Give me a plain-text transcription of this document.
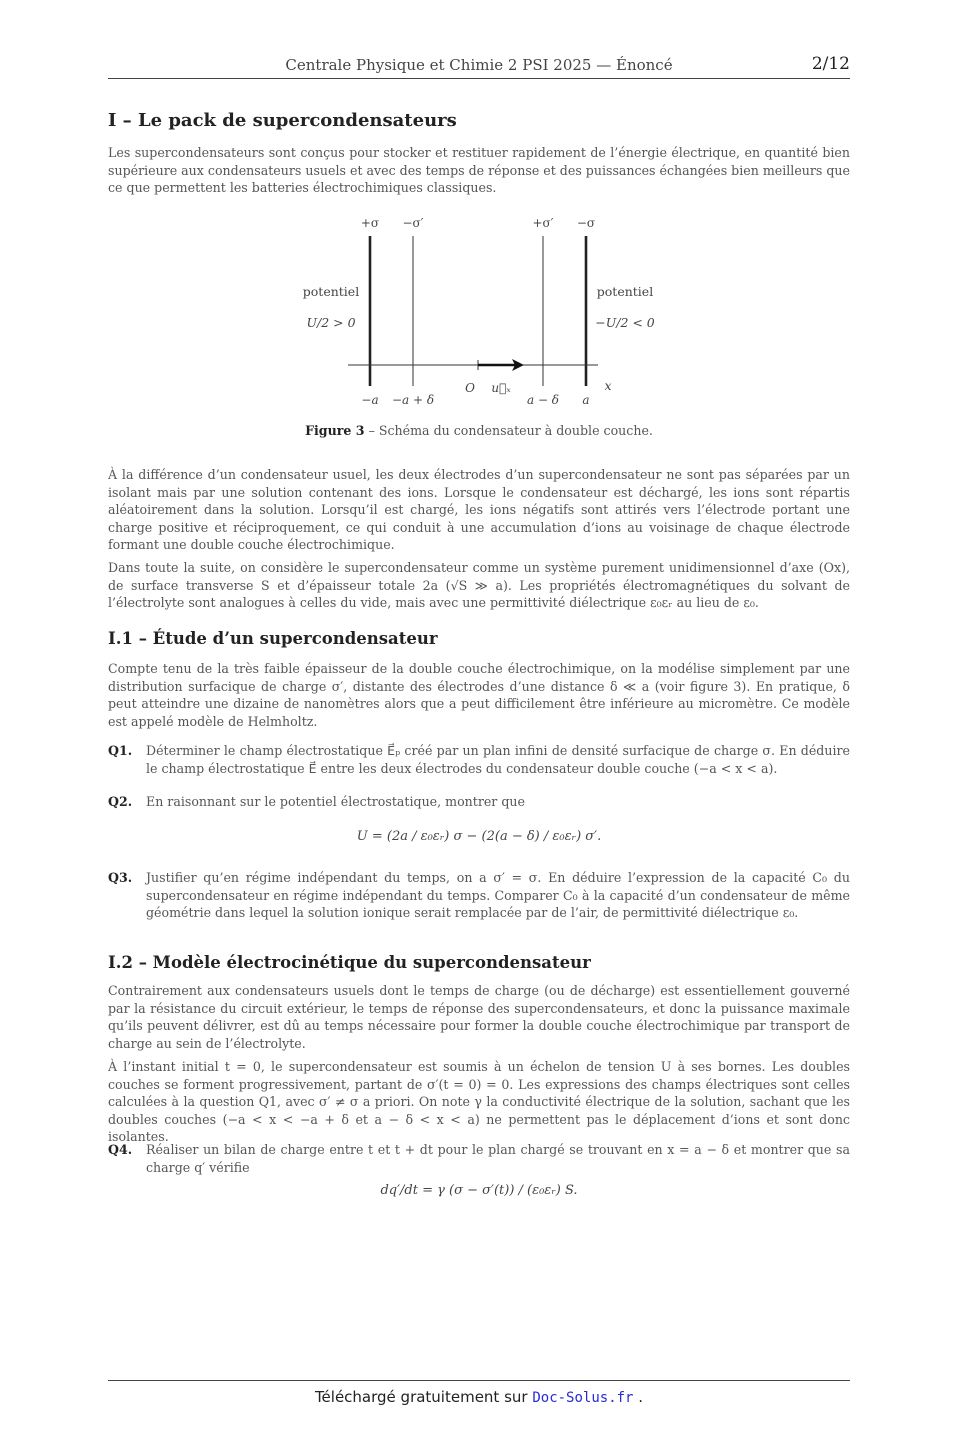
Centrale Physique et Chimie 2 PSI 2025 — Énoncé	2/12
I – Le pack de supercondensateurs
Les supercondensateurs sont conçus pour stocker et restituer rapidement de l’énergie électrique, en quantité bien supérieure aux condensateurs usuels et avec des temps de réponse et des puissances échangées bien meilleurs que ce que permettent les batteries électrochimiques classiques.
+σ −σ′	+σ′ −σ
potentiel
U/2 > 0
potentiel
−U/2 < 0
−a −a + δ
O u⃗ₓ
a − δ a
x
Figure 3 – Schéma du condensateur à double couche.
À la différence d’un condensateur usuel, les deux électrodes d’un supercondensateur ne sont pas séparées par un isolant mais par une solution contenant des ions. Lorsque le condensateur est déchargé, les ions sont répartis aléatoirement dans la solution. Lorsqu’il est chargé, les ions négatifs sont attirés vers l’électrode portant une charge positive et réciproquement, ce qui conduit à une accumulation d’ions au voisinage de chaque électrode formant une double couche électrochimique.
Dans toute la suite, on considère le supercondensateur comme un système purement unidimensionnel d’axe (Ox), de surface transverse S et d’épaisseur totale 2a (√S ≫ a). Les propriétés électromagnétiques du solvant de l’électrolyte sont analogues à celles du vide, mais avec une permittivité diélectrique ε₀εᵣ au lieu de ε₀.
I.1 – Étude d’un supercondensateur
Compte tenu de la très faible épaisseur de la double couche électrochimique, on la modélise simplement par une distribution surfacique de charge σ′, distante des électrodes d’une distance δ ≪ a (voir figure 3). En pratique, δ peut atteindre une dizaine de nanomètres alors que a peut difficilement être inférieure au micromètre. Ce modèle est appelé modèle de Helmholtz.
Q1. Déterminer le champ électrostatique E⃗ₚ créé par un plan infini de densité surfacique de charge σ. En déduire le champ électrostatique E⃗ entre les deux électrodes du condensateur double couche (−a < x < a).
Q2. En raisonnant sur le potentiel électrostatique, montrer que
U = (2a / ε₀εᵣ) σ − (2(a − δ) / ε₀εᵣ) σ′.
Q3. Justifier qu’en régime indépendant du temps, on a σ′ = σ. En déduire l’expression de la capacité C₀ du supercondensateur en régime indépendant du temps. Comparer C₀ à la capacité d’un condensateur de même géométrie dans lequel la solution ionique serait remplacée par de l’air, de permittivité diélectrique ε₀.
I.2 – Modèle électrocinétique du supercondensateur
Contrairement aux condensateurs usuels dont le temps de charge (ou de décharge) est essentiellement gouverné par la résistance du circuit extérieur, le temps de réponse des supercondensateurs, et donc la puissance maximale qu’ils peuvent délivrer, est dû au temps nécessaire pour former la double couche électrochimique par transport de charge au sein de l’électrolyte.
À l’instant initial t = 0, le supercondensateur est soumis à un échelon de tension U à ses bornes. Les doubles couches se forment progressivement, partant de σ′(t = 0) = 0. Les expressions des champs électriques sont celles calculées à la question Q1, avec σ′ ≠ σ a priori. On note γ la conductivité électrique de la solution, sachant que les doubles couches (−a < x < −a + δ et a − δ < x < a) ne permettent pas le déplacement d’ions et sont donc isolantes.
Q4. Réaliser un bilan de charge entre t et t + dt pour le plan chargé se trouvant en x = a − δ et montrer que sa charge q′ vérifie
dq′/dt = γ (σ − σ′(t)) / (ε₀εᵣ) S.
Téléchargé gratuitement sur Doc-Solus.fr .
